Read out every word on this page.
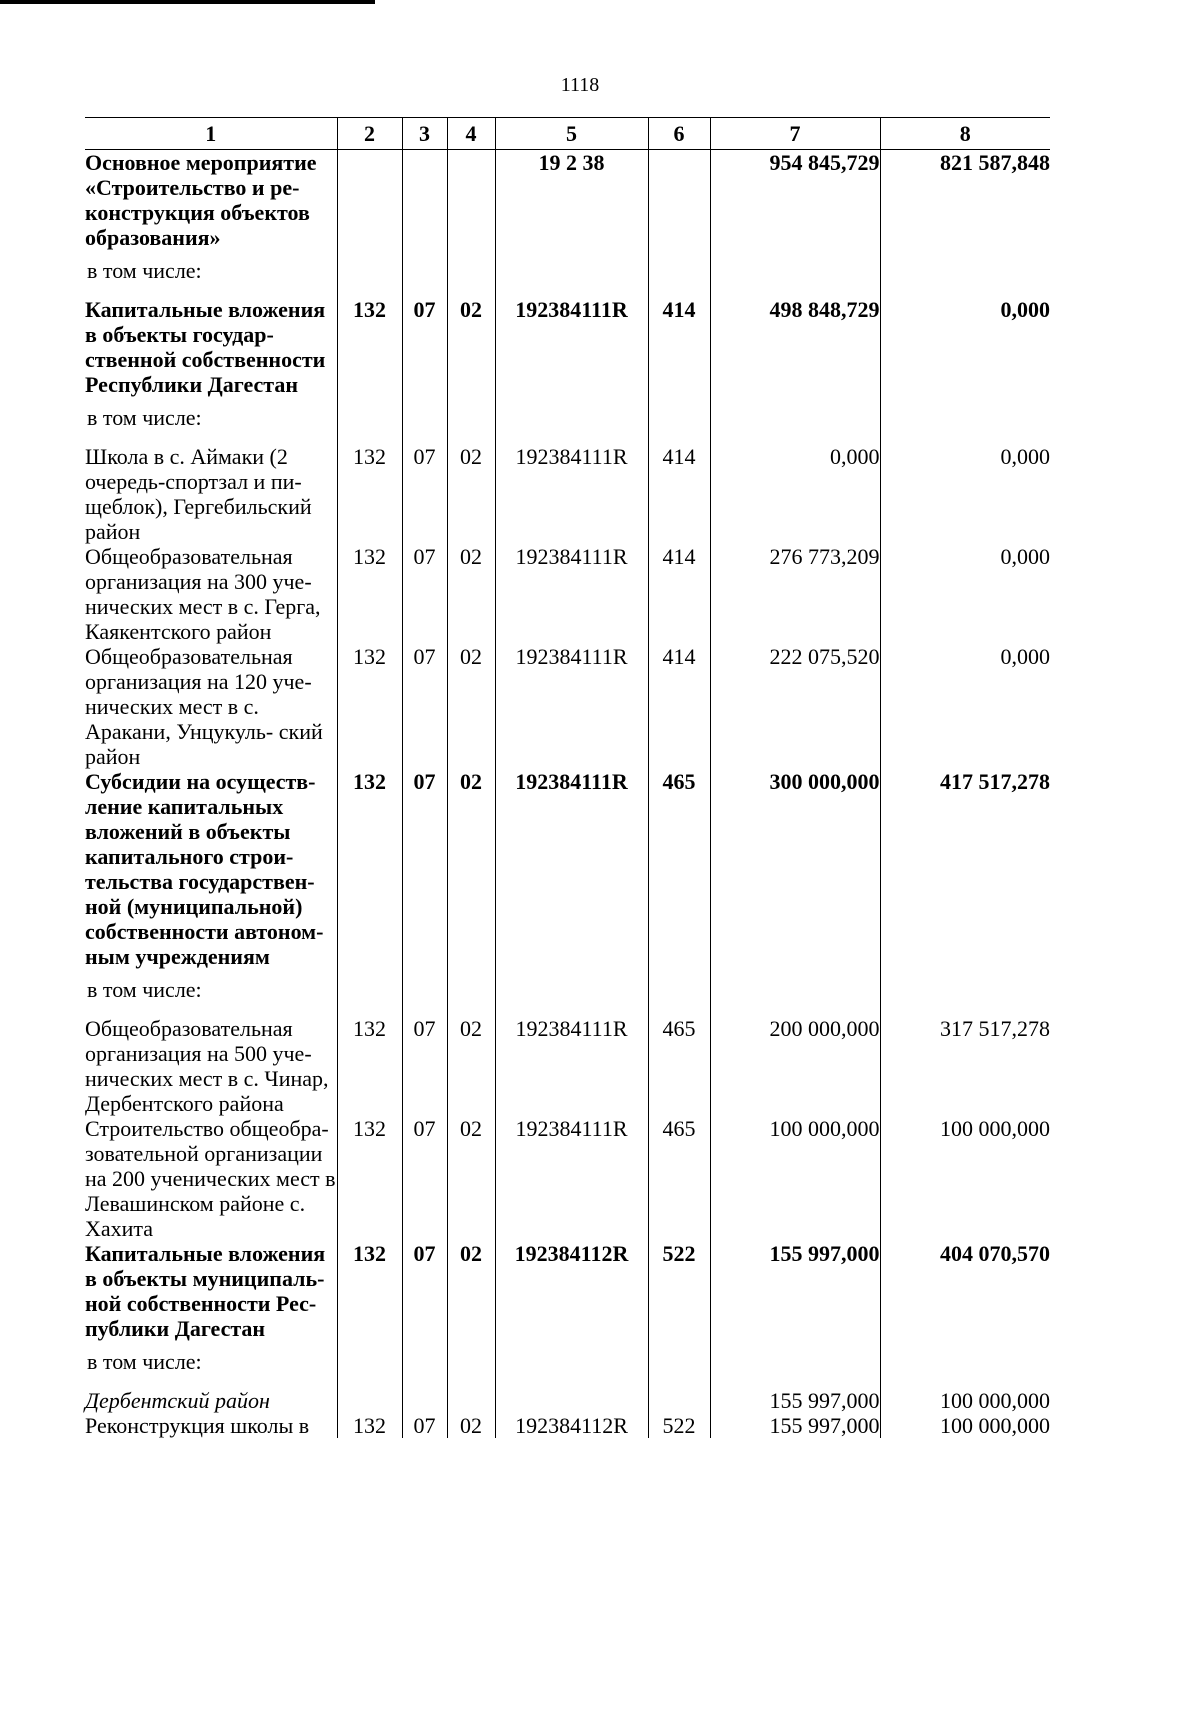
1118
1	2	3	4	5	6	7	8
Основное мероприятие «Строительство и ре- конструкция объектов образования»				19 2 38		954 845,729	821 587,848
в том числе:							
Капитальные вложения в объекты государ- ственной собственности Республики Дагестан	132	07	02	192384111R	414	498 848,729	0,000
в том числе:							
Школа в с. Аймаки (2 очередь-спортзал и пи- щеблок), Гергебильский район	132	07	02	192384111R	414	0,000	0,000
Общеобразовательная организация на 300 уче- нических мест в с. Герга, Каякентского район	132	07	02	192384111R	414	276 773,209	0,000
Общеобразовательная организация на 120 уче- нических мест в с. Аракани, Унцукуль- ский район	132	07	02	192384111R	414	222 075,520	0,000
Субсидии на осуществ- ление капитальных вложений в объекты капитального строи- тельства государствен- ной (муниципальной) собственности автоном- ным учреждениям	132	07	02	192384111R	465	300 000,000	417 517,278
в том числе:							
Общеобразовательная организация на 500 уче- нических мест в с. Чинар, Дербентского района	132	07	02	192384111R	465	200 000,000	317 517,278
Строительство общеобра- зовательной организации на 200 ученических мест в Левашинском районе с. Хахита	132	07	02	192384111R	465	100 000,000	100 000,000
Капитальные вложения в объекты муниципаль- ной собственности Рес- публики Дагестан	132	07	02	192384112R	522	155 997,000	404 070,570
в том числе:							
Дербентский район						155 997,000	100 000,000
Реконструкция школы в	132	07	02	192384112R	522	155 997,000	100 000,000
